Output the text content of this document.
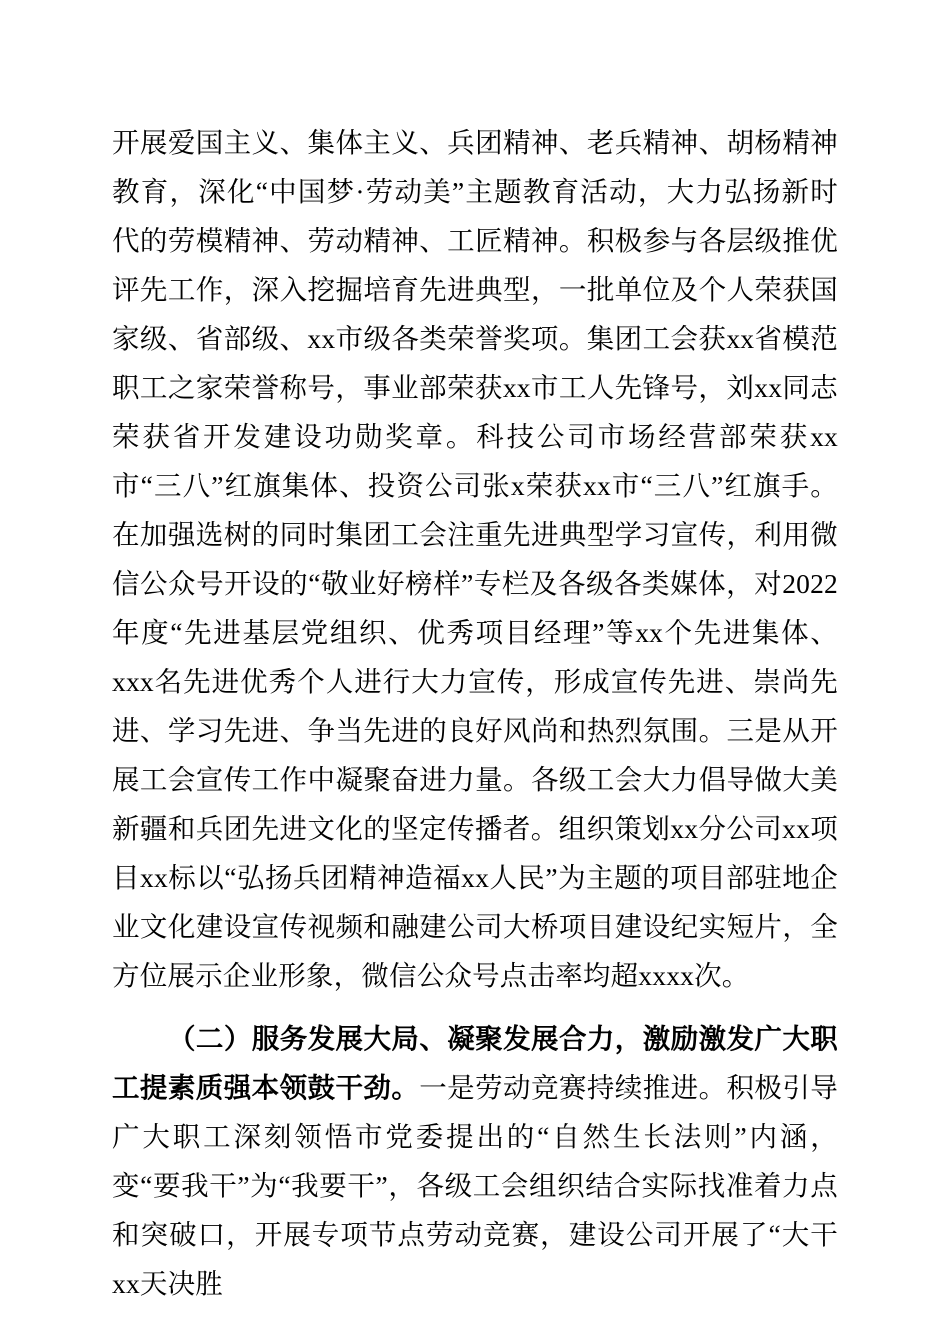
开展爱国主义、集体主义、兵团精神、老兵精神、胡杨精神教育，深化“中国梦·劳动美”主题教育活动，大力弘扬新时代的劳模精神、劳动精神、工匠精神。积极参与各层级推优评先工作，深入挖掘培育先进典型，一批单位及个人荣获国家级、省部级、xx市级各类荣誉奖项。集团工会获xx省模范职工之家荣誉称号，事业部荣获xx市工人先锋号，刘xx同志荣获省开发建设功勋奖章。科技公司市场经营部荣获xx市“三八”红旗集体、投资公司张x荣获xx市“三八”红旗手。在加强选树的同时集团工会注重先进典型学习宣传，利用微信公众号开设的“敬业好榜样”专栏及各级各类媒体，对2022年度“先进基层党组织、优秀项目经理”等xx个先进集体、xxx名先进优秀个人进行大力宣传，形成宣传先进、崇尚先进、学习先进、争当先进的良好风尚和热烈氛围。三是从开展工会宣传工作中凝聚奋进力量。各级工会大力倡导做大美新疆和兵团先进文化的坚定传播者。组织策划xx分公司xx项目xx标以“弘扬兵团精神造福xx人民”为主题的项目部驻地企业文化建设宣传视频和融建公司大桥项目建设纪实短片，全方位展示企业形象，微信公众号点击率均超xxxx次。

（二）服务发展大局、凝聚发展合力，激励激发广大职工提素质强本领鼓干劲。一是劳动竞赛持续推进。积极引导广大职工深刻领悟市党委提出的“自然生长法则”内涵，变“要我干”为“我要干”，各级工会组织结合实际找准着力点和突破口，开展专项节点劳动竞赛，建设公司开展了“大干xx天决胜
